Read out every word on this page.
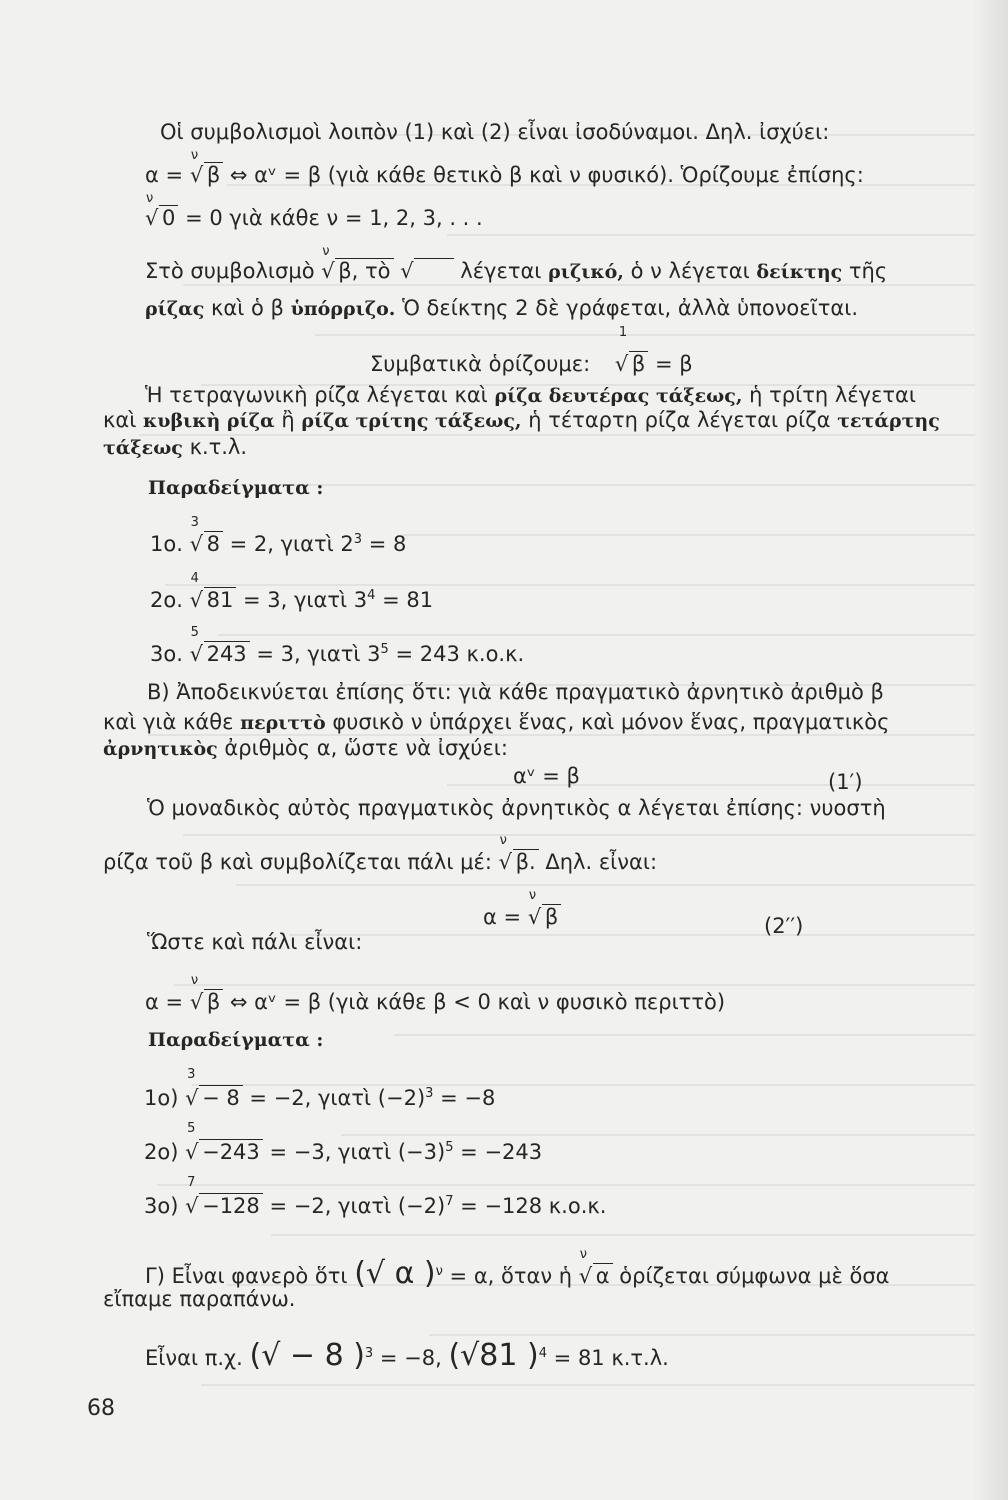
Οἱ συμβολισμοὶ λοιπὸν (1) καὶ (2) εἶναι ἰσοδύναμοι. Δηλ. ἰσχύει:
α =
√ ν
β ⇔ αᵛ = β (γιὰ κάθε θετικὸ β καὶ ν φυσικό). Ὁρίζουμε ἐπίσης:
√ ν
0 = 0 γιὰ κάθε ν = 1, 2, 3, . . .
Στὸ συμβολισμὸ
√ ν
β, τὸ √	λέγεται ριζικό, ὁ ν λέγεται δείκτης τῆς
ρίζας καὶ ὁ β ὑπόρριζο. Ὁ δείκτης 2 δὲ γράφεται, ἀλλὰ ὑπονοεῖται.
Συμβατικὰ ὁρίζουμε:
√ 1
β = β
Ἡ τετραγωνικὴ ρίζα λέγεται καὶ ρίζα δευτέρας τάξεως, ἡ τρίτη λέγεται
καὶ κυβικὴ ρίζα ἢ ρίζα τρίτης τάξεως, ἡ τέταρτη ρίζα λέγεται ρίζα τετάρτης
τάξεως κ.τ.λ.
Παραδείγματα :
1ο.
√ 3
8 = 2, γιατὶ $2^3 = 8$
2ο.
√ 4
81 = 3, γιατὶ $3^4 = 81$
3ο.
√ 5
243 = 3, γιατὶ $3^5 = 243$ κ.ο.κ.
Β) Ἀποδεικνύεται ἐπίσης ὅτι: γιὰ κάθε πραγματικὸ ἀρνητικὸ ἀριθμὸ β
καὶ γιὰ κάθε περιττὸ φυσικὸ ν ὑπάρχει ἕνας, καὶ μόνον ἕνας, πραγματικὸς
ἀρνητικὸς ἀριθμὸς α, ὥστε νὰ ἰσχύει:
αᵛ = β	(1′)
Ὁ μοναδικὸς αὐτὸς πραγματικὸς ἀρνητικὸς α λέγεται ἐπίσης: νυοστὴ
ρίζα τοῦ β καὶ συμβολίζεται πάλι μέ:
√ ν
β. Δηλ. εἶναι:
α =
√ ν
β	(2′′)
Ὥστε καὶ πάλι εἶναι:
α =
√ ν
β ⇔ αᵛ = β (γιὰ κάθε β < 0 καὶ ν φυσικὸ περιττὸ)
Παραδείγματα :
1ο)
√ 3
− 8 = −2, γιατὶ $(-2)^3 = -8$
2ο)
√ 5
−243 = −3, γιατὶ $(-3)^5 = -243$
3ο)
√ 7
−128 = −2, γιατὶ $(-2)^7 = -128$ κ.ο.κ.
Γ) Εἶναι φανερὸ ὅτι (√ α )$^\nu$ = α, ὅταν ἡ
√ ν
α ὁρίζεται σύμφωνα μὲ ὅσα
εἴπαμε παραπάνω.
Εἶναι π.χ. (√ − 8 )$^3$ = −8, (√81 )$^4$ = 81 κ.τ.λ.
68
